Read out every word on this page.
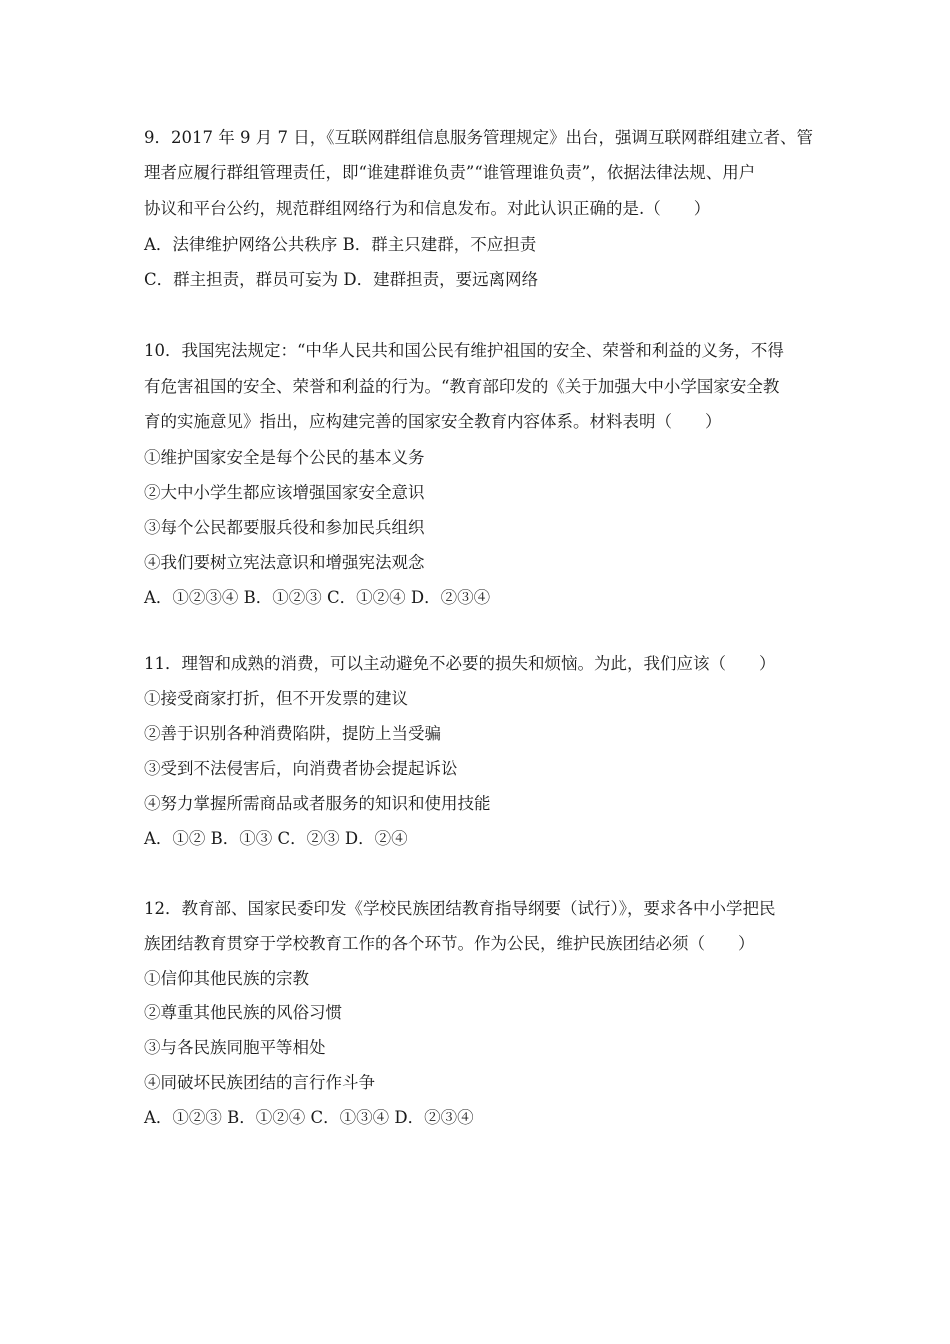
9．2017 年 9 月 7 日，《互联网群组信息服务管理规定》出台，强调互联网群组建立者、管
理者应履行群组管理责任，即“谁建群谁负责”“谁管理谁负责”，依据法律法规、用户
协议和平台公约，规范群组网络行为和信息发布。对此认识正确的是.（　　）
A．法律维护网络公共秩序 B．群主只建群，不应担责
C．群主担责，群员可妄为 D．建群担责，要远离网络
10．我国宪法规定：“中华人民共和国公民有维护祖国的安全、荣誉和利益的义务，不得
有危害祖国的安全、荣誉和利益的行为。“教育部印发的《关于加强大中小学国家安全教
育的实施意见》指出，应构建完善的国家安全教育内容体系。材料表明（　　）
①维护国家安全是每个公民的基本义务
②大中小学生都应该增强国家安全意识
③每个公民都要服兵役和参加民兵组织
④我们要树立宪法意识和增强宪法观念
A．①②③④ B．①②③ C．①②④ D．②③④
11．理智和成熟的消费，可以主动避免不必要的损失和烦恼。为此，我们应该（　　）
①接受商家打折，但不开发票的建议
②善于识别各种消费陷阱，提防上当受骗
③受到不法侵害后，向消费者协会提起诉讼
④努力掌握所需商品或者服务的知识和使用技能
A．①② B．①③ C．②③ D．②④
12．教育部、国家民委印发《学校民族团结教育指导纲要（试行）》，要求各中小学把民
族团结教育贯穿于学校教育工作的各个环节。作为公民，维护民族团结必须（　　）
①信仰其他民族的宗教
②尊重其他民族的风俗习惯
③与各民族同胞平等相处
④同破坏民族团结的言行作斗争
A．①②③ B．①②④ C．①③④ D．②③④
